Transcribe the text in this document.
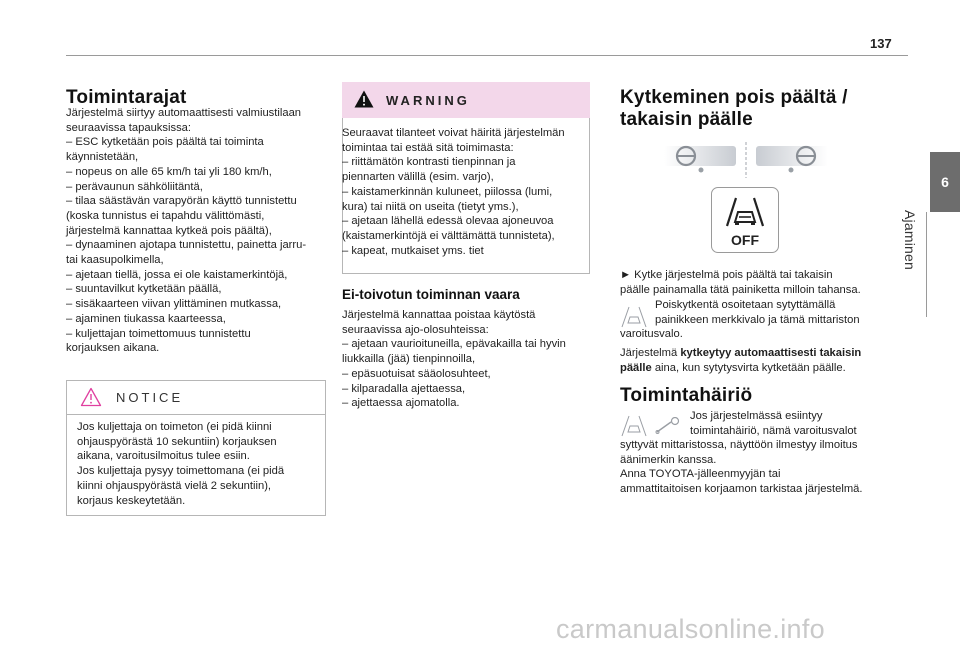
137
6
Ajaminen
Toimintarajat
Järjestelmä siirtyy automaattisesti valmiustilaan
seuraavissa tapauksissa:
– ESC kytketään pois päältä tai toiminta
käynnistetään,
– nopeus on alle 65 km/h tai yli 180 km/h,
– perävaunun sähköliitäntä,
– tilaa säästävän varapyörän käyttö tunnistettu
(koska tunnistus ei tapahdu välittömästi,
järjestelmä kannattaa kytkeä pois päältä),
– dynaaminen ajotapa tunnistettu, painetta jarru-
tai kaasupolkimella,
– ajetaan tiellä, jossa ei ole kaistamerkintöjä,
– suuntavilkut kytketään päällä,
– sisäkaarteen viivan ylittäminen mutkassa,
– ajaminen tiukassa kaarteessa,
– kuljettajan toimettomuus tunnistettu
korjauksen aikana.
NOTICE
Jos kuljettaja on toimeton (ei pidä kiinni
ohjauspyörästä 10 sekuntiin) korjauksen
aikana, varoitusilmoitus tulee esiin.
Jos kuljettaja pysyy toimettomana (ei pidä
kiinni ohjauspyörästä vielä 2 sekuntiin),
korjaus keskeytetään.
WARNING
Seuraavat tilanteet voivat häiritä järjestelmän
toimintaa tai estää sitä toimimasta:
– riittämätön kontrasti tienpinnan ja
piennarten välillä (esim. varjo),
– kaistamerkinnän kuluneet, piilossa (lumi,
kura) tai niitä on useita (tietyt yms.),
– ajetaan lähellä edessä olevaa ajoneuvoa
(kaistamerkintöjä ei välttämättä tunnisteta),
– kapeat, mutkaiset yms. tiet
Ei-toivotun toiminnan vaara
Järjestelmä kannattaa poistaa käytöstä
seuraavissa ajo-olosuhteissa:
– ajetaan vaurioituneilla, epävakailla tai hyvin
liukkailla (jää) tienpinnoilla,
– epäsuotuisat sääolosuhteet,
– kilparadalla ajettaessa,
– ajettaessa ajomatolla.
Kytkeminen pois päältä /
takaisin päälle
OFF
► Kytke järjestelmä pois päältä tai takaisin
päälle painamalla tätä painiketta milloin tahansa.
Poiskytkentä osoitetaan sytyttämällä
painikkeen merkkivalo ja tämä mittariston
varoitusvalo.
Järjestelmä kytkeytyy automaattisesti takaisin
päälle aina, kun sytytysvirta kytketään päälle.
Toimintahäiriö
Jos järjestelmässä esiintyy
toimintahäiriö, nämä varoitusvalot
syttyvät mittaristossa, näyttöön ilmestyy ilmoitus
äänimerkin kanssa.
Anna TOYOTA-jälleenmyyjän tai
ammattitaitoisen korjaamon tarkistaa järjestelmä.
carmanualsonline.info
